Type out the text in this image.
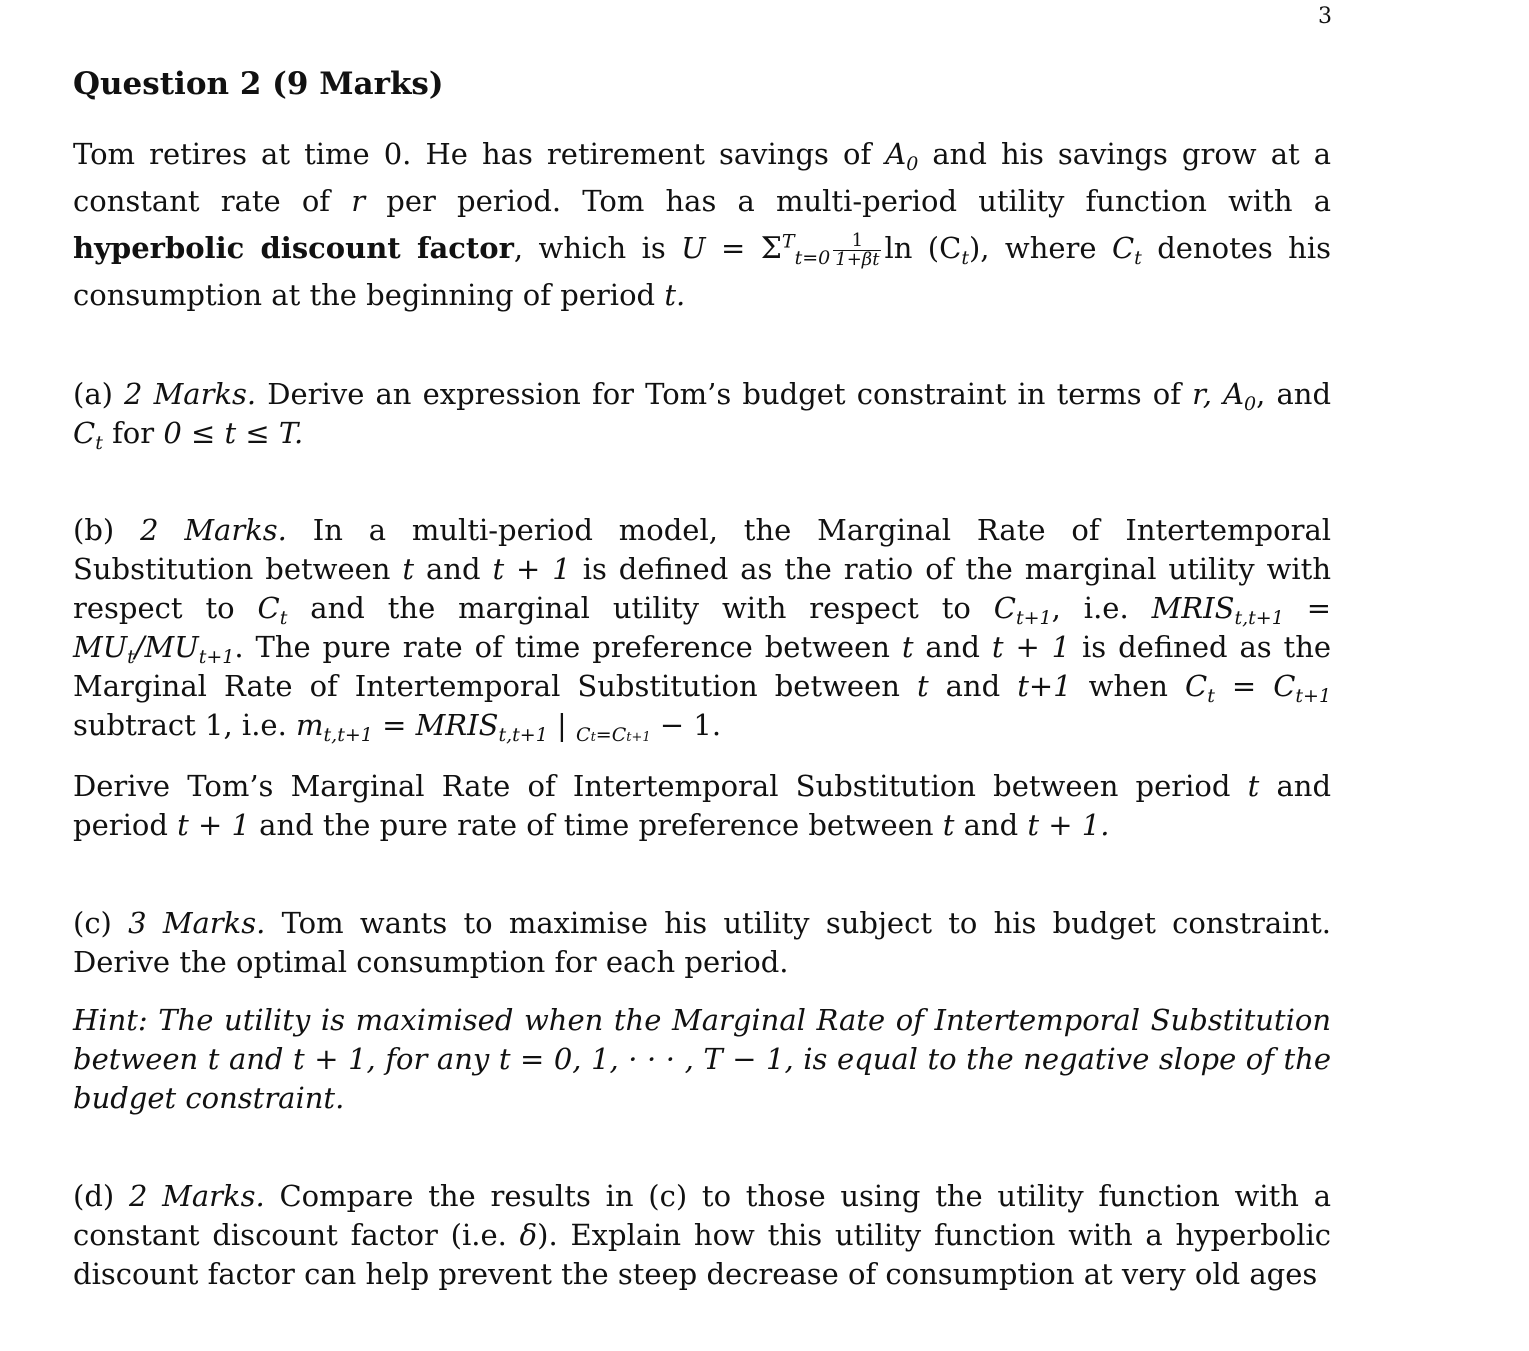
3
Question 2 (9 Marks)

Tom retires at time 0. He has retirement savings of $A_0$ and his savings grow at a constant rate of r per period. Tom has a multi-period utility function with a hyperbolic discount factor, which is $U = \Sigma^T_{t=0} \frac{1}{1+\beta t}$ $\ln (C_t)$, where $C_t$ denotes his consumption at the beginning of period t.

(a) 2 Marks. Derive an expression for Tom’s budget constraint in terms of r, $A_0$, and $C_t$ for 0 ≤ t ≤ T.

(b) 2 Marks. In a multi-period model, the Marginal Rate of Intertemporal Substitution between t and t + 1 is defined as the ratio of the marginal utility with respect to $C_t$ and the marginal utility with respect to $C_{t+1}$, i.e. $MRIS_{t,t+1} = MU_t/MU_{t+1}$. The pure rate of time preference between t and t + 1 is defined as the Marginal Rate of Intertemporal Substitution between t and t+1 when $C_t = C_{t+1}$ subtract 1, i.e. $m_{t,t+1}$ = $MRIS_{t,t+1}$ | $_{Ct=Ct+1}$ − 1.

Derive Tom’s Marginal Rate of Intertemporal Substitution between period t and period t + 1 and the pure rate of time preference between t and t + 1.

(c) 3 Marks. Tom wants to maximise his utility subject to his budget constraint. Derive the optimal consumption for each period.

Hint: The utility is maximised when the Marginal Rate of Intertemporal Substitution between t and t + 1, for any t = 0, 1, · · · , T − 1, is equal to the negative slope of the budget constraint.

(d) 2 Marks. Compare the results in (c) to those using the utility function with a constant discount factor (i.e. δ). Explain how this utility function with a hyperbolic discount factor can help prevent the steep decrease of consumption at very old ages
